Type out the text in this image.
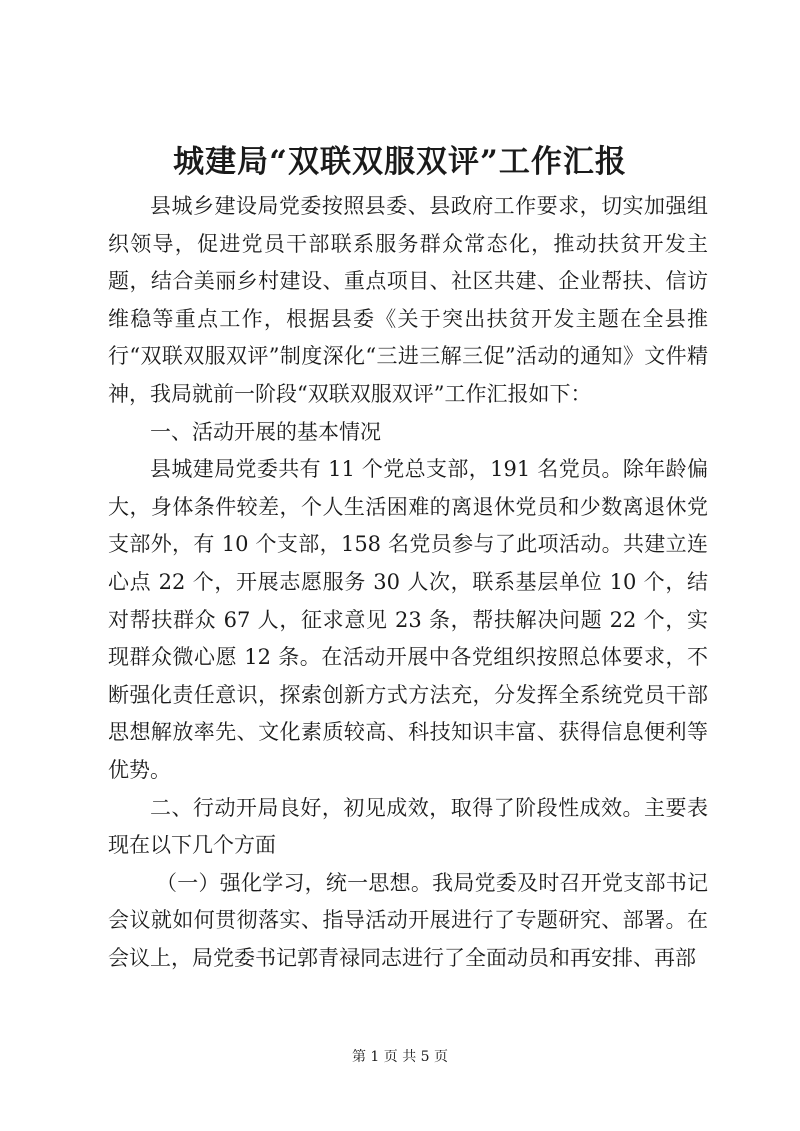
城建局“双联双服双评”工作汇报

县城乡建设局党委按照县委、县政府工作要求，切实加强组织领导，促进党员干部联系服务群众常态化，推动扶贫开发主题，结合美丽乡村建设、重点项目、社区共建、企业帮扶、信访维稳等重点工作，根据县委《关于突出扶贫开发主题在全县推行“双联双服双评”制度深化“三进三解三促”活动的通知》文件精神，我局就前一阶段“双联双服双评”工作汇报如下：

一、活动开展的基本情况

县城建局党委共有 11 个党总支部，191 名党员。除年龄偏大，身体条件较差，个人生活困难的离退休党员和少数离退休党支部外，有 10 个支部，158 名党员参与了此项活动。共建立连心点 22 个，开展志愿服务 30 人次，联系基层单位 10 个，结对帮扶群众 67 人，征求意见 23 条，帮扶解决问题 22 个，实现群众微心愿 12 条。在活动开展中各党组织按照总体要求，不断强化责任意识，探索创新方式方法充，分发挥全系统党员干部思想解放率先、文化素质较高、科技知识丰富、获得信息便利等优势。

二、行动开局良好，初见成效，取得了阶段性成效。主要表现在以下几个方面

（一）强化学习，统一思想。我局党委及时召开党支部书记会议就如何贯彻落实、指导活动开展进行了专题研究、部署。在会议上，局党委书记郭青禄同志进行了全面动员和再安排、再部

第 1 页 共 5 页
